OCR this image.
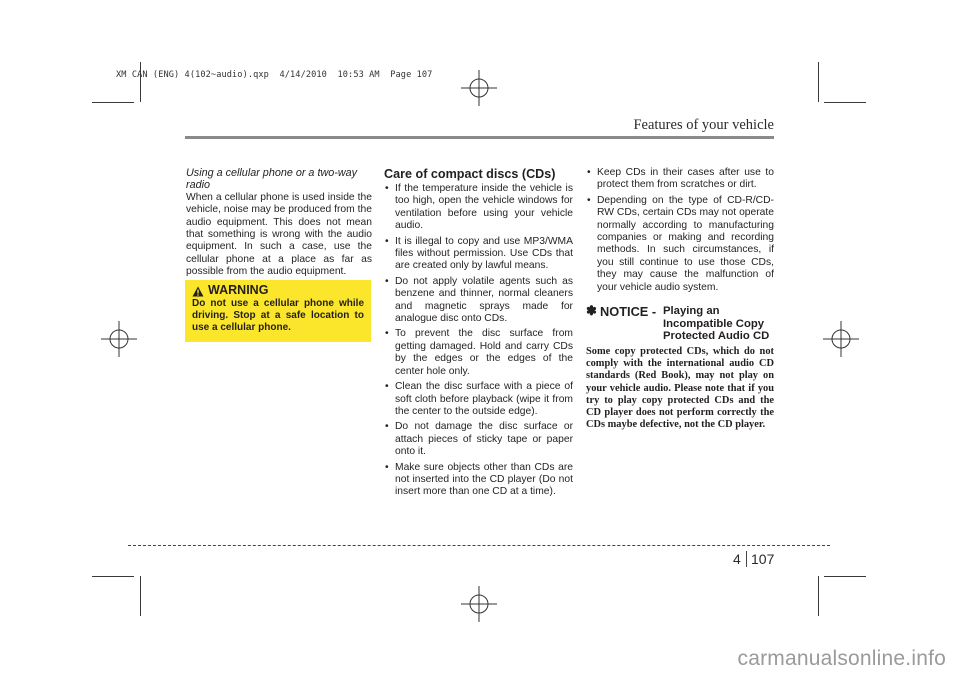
XM CAN (ENG) 4(102~audio).qxp  4/14/2010  10:53 AM  Page 107
Features of your vehicle
Using a cellular phone or a two-way radio
When a cellular phone is used inside the vehicle, noise may be produced from the audio equipment. This does not mean that something is wrong with the audio equipment. In such a case, use the cellular phone at a place as far as possible from the audio equipment.
WARNING
Do not use a cellular phone while driving. Stop at a safe location to use a cellular phone.
Care of compact discs (CDs)
• If the temperature inside the vehicle is too high, open the vehicle windows for ventilation before using your vehicle audio.
• It is illegal to copy and use MP3/WMA files without permission. Use CDs that are created only by lawful means.
• Do not apply volatile agents such as benzene and thinner, normal cleaners and magnetic sprays made for analogue disc onto CDs.
• To prevent the disc surface from getting damaged. Hold and carry CDs by the edges or the edges of the center hole only.
• Clean the disc surface with a piece of soft cloth before playback (wipe it from the center to the outside edge).
• Do not damage the disc surface or attach pieces of sticky tape or paper onto it.
• Make sure objects other than CDs are not inserted into the CD player (Do not insert more than one CD at a time).
• Keep CDs in their cases after use to protect them from scratches or dirt.
• Depending on the type of CD-R/CD-RW CDs, certain CDs may not operate normally according to manufacturing companies or making and recording methods. In such circumstances, if you still continue to use those CDs, they may cause the malfunction of your vehicle audio system.
✽ NOTICE - Playing an
Incompatible Copy
Protected Audio CD
Some copy protected CDs, which do not comply with the international audio CD standards (Red Book), may not play on your vehicle audio. Please note that if you try to play copy protected CDs and the CD player does not perform correctly the CDs maybe defective, not the CD player.
4 107
carmanualsonline.info
